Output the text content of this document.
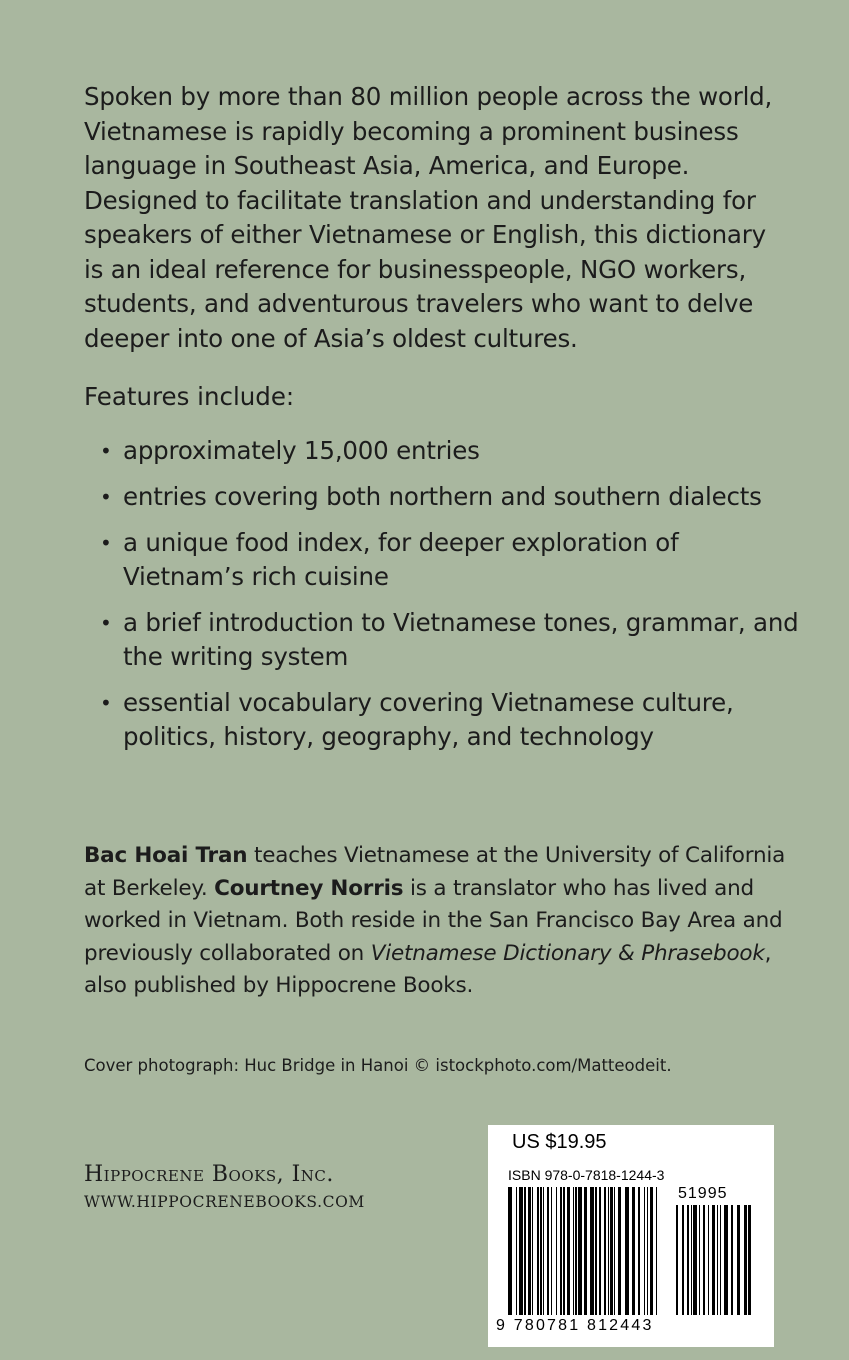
Spoken by more than 80 million people across the world, Vietnamese is rapidly becoming a prominent business language in Southeast Asia, America, and Europe. Designed to facilitate translation and understanding for speakers of either Vietnamese or English, this dictionary is an ideal reference for businesspeople, NGO workers, students, and adventurous travelers who want to delve deeper into one of Asia’s oldest cultures.

Features include:

• approximately 15,000 entries
• entries covering both northern and southern dialects
• a unique food index, for deeper exploration of Vietnam’s rich cuisine
• a brief introduction to Vietnamese tones, grammar, and the writing system
• essential vocabulary covering Vietnamese culture, politics, history, geography, and technology

Bac Hoai Tran teaches Vietnamese at the University of California at Berkeley. Courtney Norris is a translator who has lived and worked in Vietnam. Both reside in the San Francisco Bay Area and previously collaborated on Vietnamese Dictionary & Phrasebook, also published by Hippocrene Books.

Cover photograph: Huc Bridge in Hanoi © istockphoto.com/Matteodeit.

Hippocrene Books, Inc.
WWW.HIPPOCRENEBOOKS.COM
US $19.95
ISBN 978-0-7818-1244-3
51995
9 780781 812443
